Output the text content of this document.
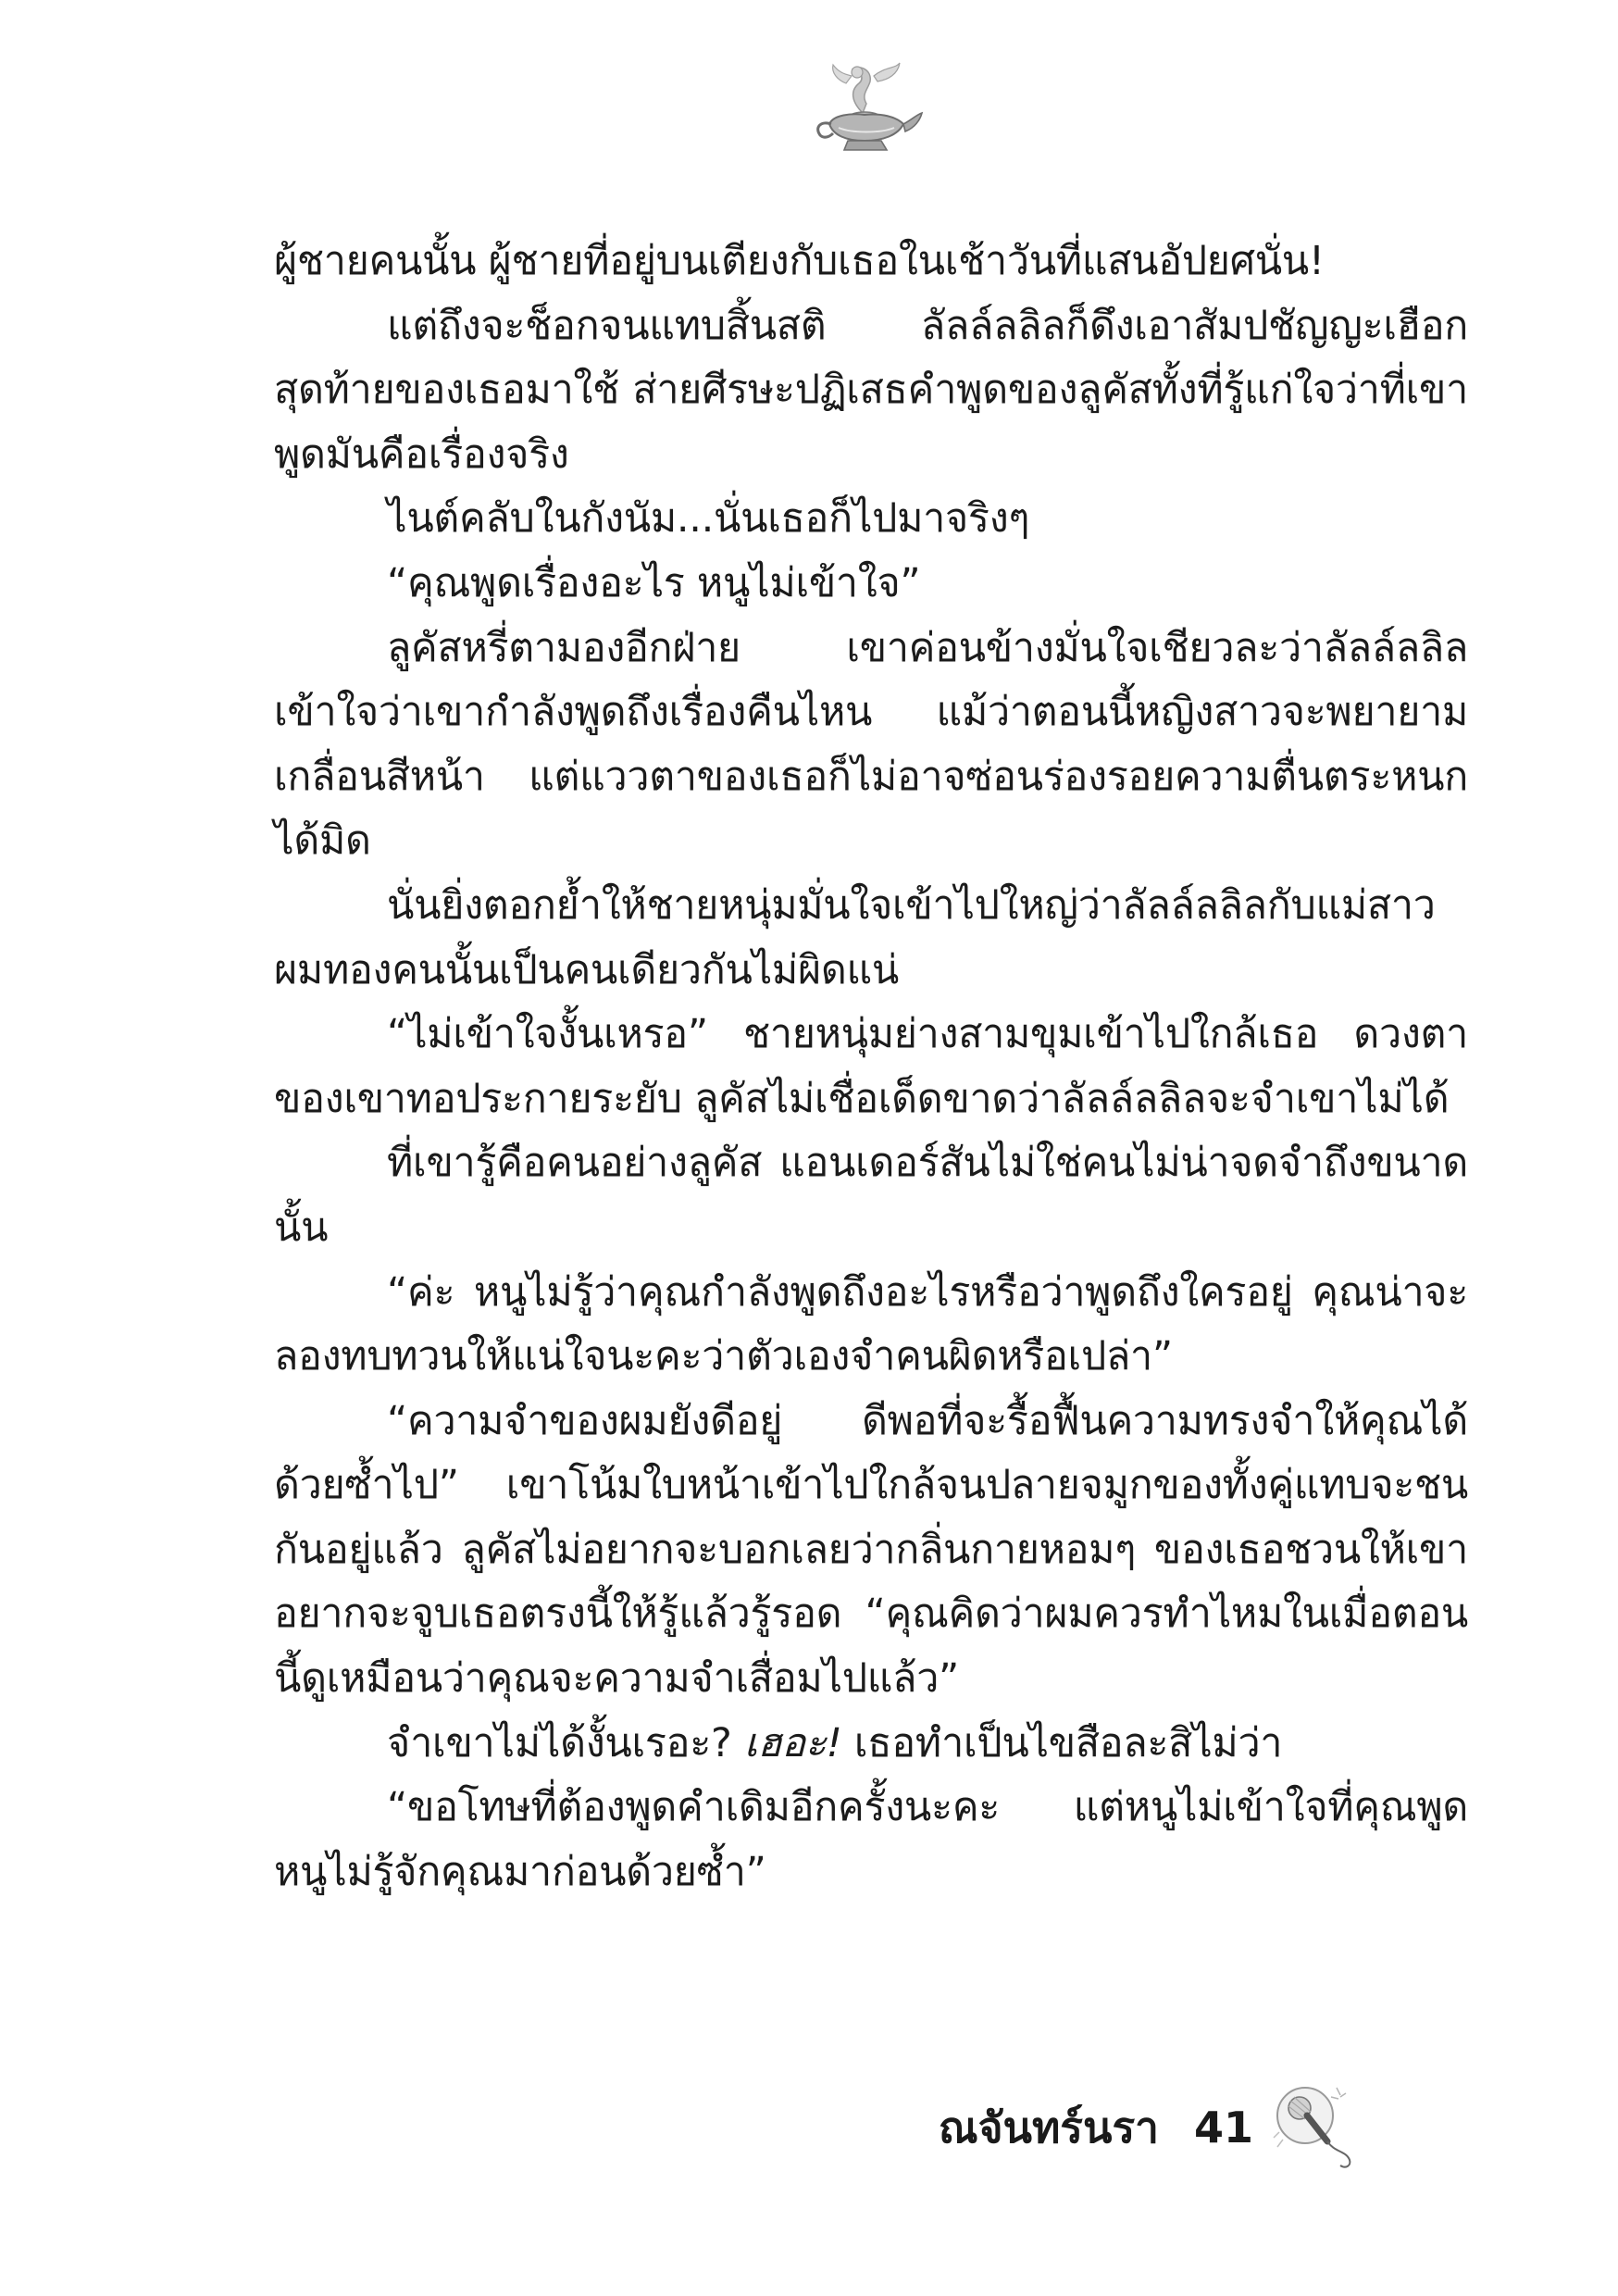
ผู้ชายคนนั้น ผู้ชายที่อยู่บนเตียงกับเธอในเช้าวันที่แสนอัปยศนั่น!

แต่ถึงจะช็อกจนแทบสิ้นสติ ลัลล์ลลิลก็ดึงเอาสัมปชัญญะเฮือกสุดท้ายของเธอมาใช้ ส่ายศีรษะปฏิเสธคำพูดของลูคัสทั้งที่รู้แก่ใจว่าที่เขาพูดมันคือเรื่องจริง

ไนต์คลับในกังนัม...นั่นเธอก็ไปมาจริงๆ

“คุณพูดเรื่องอะไร หนูไม่เข้าใจ”

ลูคัสหรี่ตามองอีกฝ่าย เขาค่อนข้างมั่นใจเชียวละว่าลัลล์ลลิลเข้าใจว่าเขากำลังพูดถึงเรื่องคืนไหน แม้ว่าตอนนี้หญิงสาวจะพยายามเกลื่อนสีหน้า แต่แววตาของเธอก็ไม่อาจซ่อนร่องรอยความตื่นตระหนกได้มิด

นั่นยิ่งตอกย้ำให้ชายหนุ่มมั่นใจเข้าไปใหญ่ว่าลัลล์ลลิลกับแม่สาวผมทองคนนั้นเป็นคนเดียวกันไม่ผิดแน่

“ไม่เข้าใจงั้นเหรอ” ชายหนุ่มย่างสามขุมเข้าไปใกล้เธอ ดวงตาของเขาทอประกายระยับ ลูคัสไม่เชื่อเด็ดขาดว่าลัลล์ลลิลจะจำเขาไม่ได้

ที่เขารู้คือคนอย่างลูคัส แอนเดอร์สันไม่ใช่คนไม่น่าจดจำถึงขนาดนั้น

“ค่ะ หนูไม่รู้ว่าคุณกำลังพูดถึงอะไรหรือว่าพูดถึงใครอยู่ คุณน่าจะลองทบทวนให้แน่ใจนะคะว่าตัวเองจำคนผิดหรือเปล่า”

“ความจำของผมยังดีอยู่ ดีพอที่จะรื้อฟื้นความทรงจำให้คุณได้ด้วยซ้ำไป” เขาโน้มใบหน้าเข้าไปใกล้จนปลายจมูกของทั้งคู่แทบจะชนกันอยู่แล้ว ลูคัสไม่อยากจะบอกเลยว่ากลิ่นกายหอมๆ ของเธอชวนให้เขาอยากจะจูบเธอตรงนี้ให้รู้แล้วรู้รอด “คุณคิดว่าผมควรทำไหมในเมื่อตอนนี้ดูเหมือนว่าคุณจะความจำเสื่อมไปแล้ว”

จำเขาไม่ได้งั้นเรอะ? เฮอะ! เธอทำเป็นไขสือละสิไม่ว่า

“ขอโทษที่ต้องพูดคำเดิมอีกครั้งนะคะ แต่หนูไม่เข้าใจที่คุณพูด หนูไม่รู้จักคุณมาก่อนด้วยซ้ำ”

ณจันทร์นรา 41
